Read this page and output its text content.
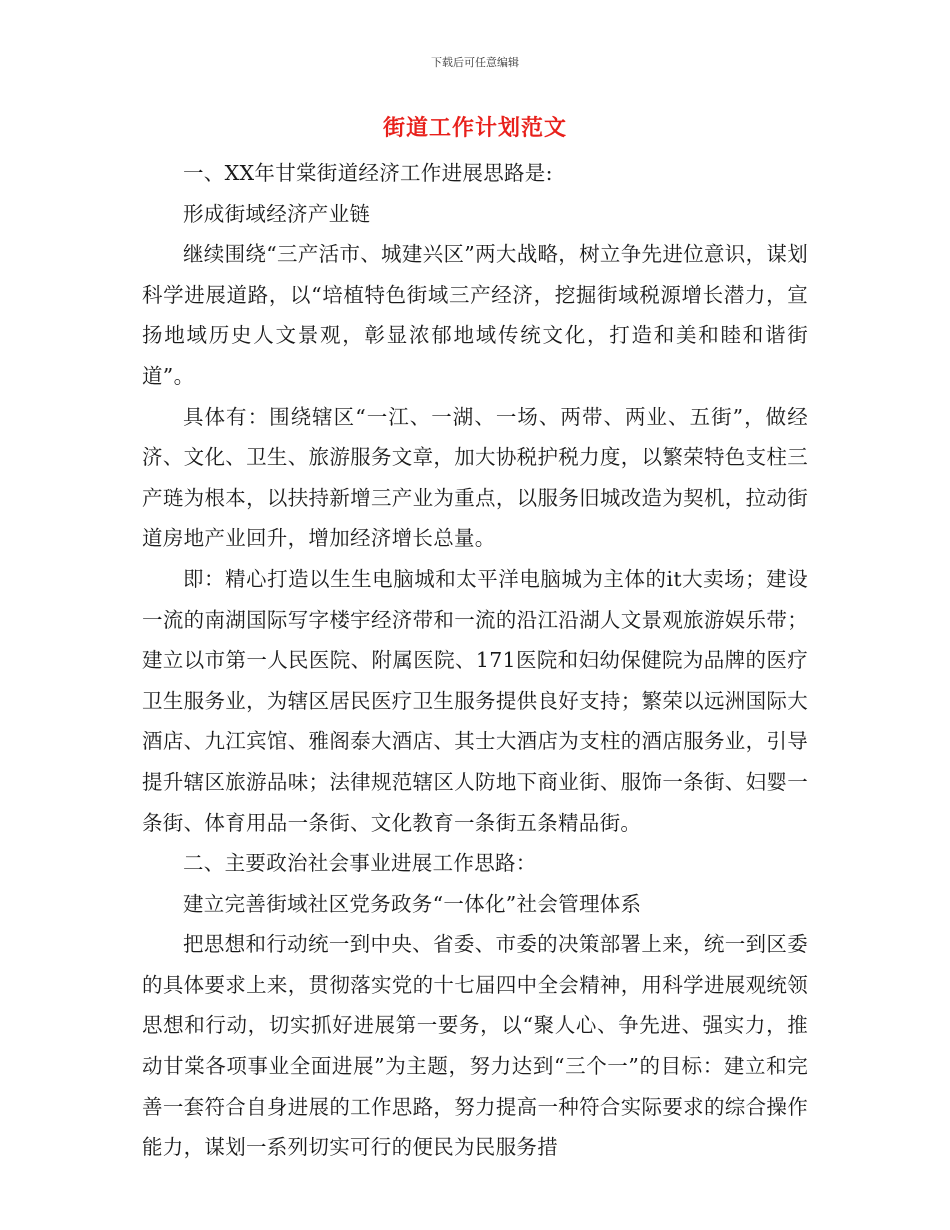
下载后可任意编辑
街道工作计划范文

一、XX年甘棠街道经济工作进展思路是:

形成街域经济产业链

继续围绕“三产活市、城建兴区”两大战略，树立争先进位意识，谋划科学进展道路，以“培植特色街域三产经济，挖掘街域税源增长潜力，宣扬地域历史人文景观，彰显浓郁地域传统文化，打造和美和睦和谐街道”。

具体有：围绕辖区“一江、一湖、一场、两带、两业、五街”，做经济、文化、卫生、旅游服务文章，加大协税护税力度，以繁荣特色支柱三产琏为根本，以扶持新增三产业为重点，以服务旧城改造为契机，拉动街道房地产业回升，增加经济增长总量。

即：精心打造以生生电脑城和太平洋电脑城为主体的it大卖场；建设一流的南湖国际写字楼宇经济带和一流的沿江沿湖人文景观旅游娱乐带；建立以市第一人民医院、附属医院、171医院和妇幼保健院为品牌的医疗卫生服务业，为辖区居民医疗卫生服务提供良好支持；繁荣以远洲国际大酒店、九江宾馆、雅阁泰大酒店、其士大酒店为支柱的酒店服务业，引导提升辖区旅游品味；法律规范辖区人防地下商业街、服饰一条街、妇婴一条街、体育用品一条街、文化教育一条街五条精品街。

二、主要政治社会事业进展工作思路：

建立完善街域社区党务政务“一体化”社会管理体系

把思想和行动统一到中央、省委、市委的决策部署上来，统一到区委的具体要求上来，贯彻落实党的十七届四中全会精神，用科学进展观统领思想和行动，切实抓好进展第一要务，以“聚人心、争先进、强实力，推动甘棠各项事业全面进展”为主题，努力达到“三个一”的目标：建立和完善一套符合自身进展的工作思路，努力提高一种符合实际要求的综合操作能力，谋划一系列切实可行的便民为民服务措
